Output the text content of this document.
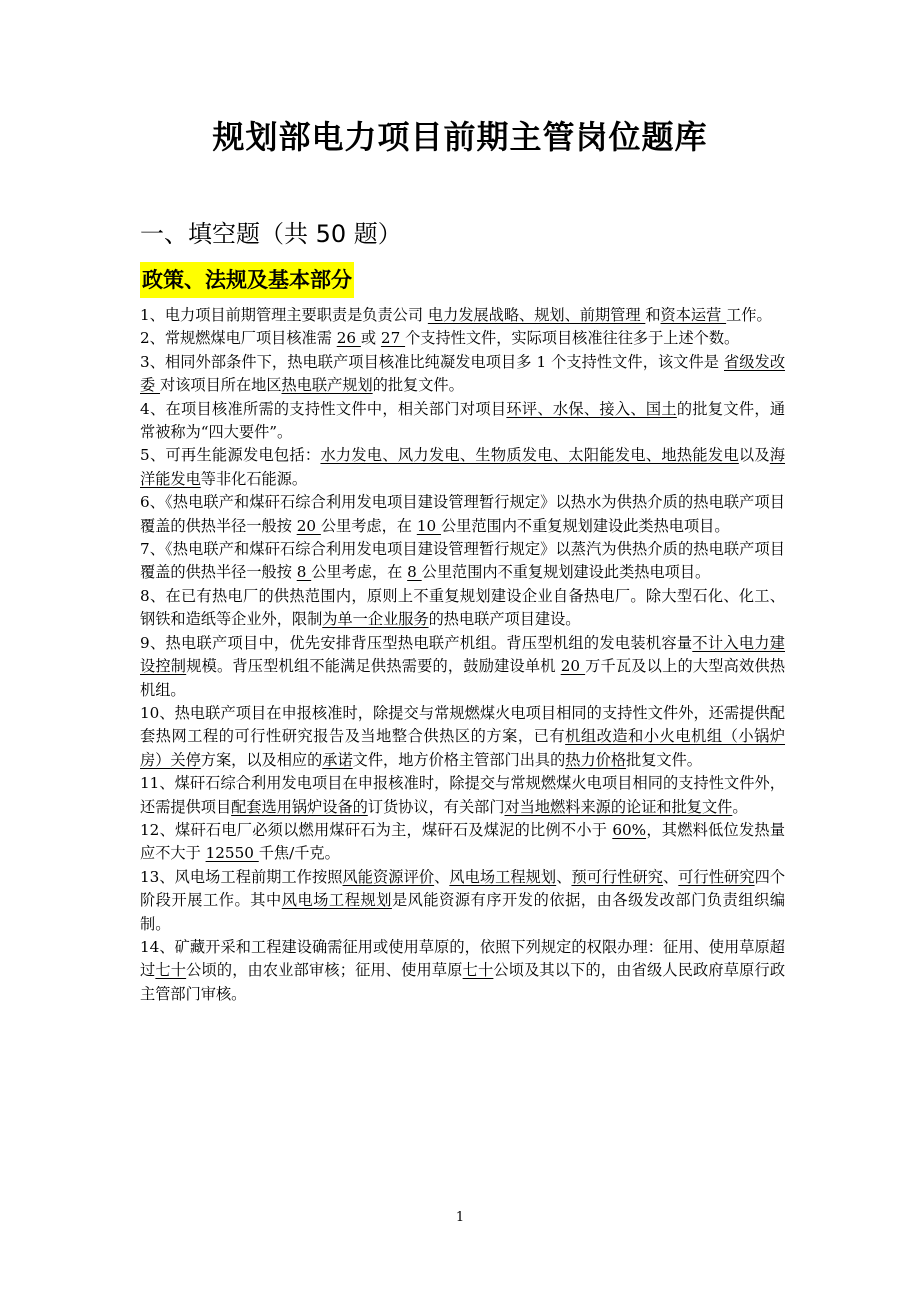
规划部电力项目前期主管岗位题库
一、填空题（共 50 题）
政策、法规及基本部分
1、电力项目前期管理主要职责是负责公司 电力发展战略、规划、前期管理 和资本运营 工作。
2、常规燃煤电厂项目核准需 26 或 27 个支持性文件，实际项目核准往往多于上述个数。
3、相同外部条件下，热电联产项目核准比纯凝发电项目多 1 个支持性文件，该文件是 省级发改委 对该项目所在地区热电联产规划的批复文件。
4、在项目核准所需的支持性文件中，相关部门对项目环评、水保、接入、国土的批复文件，通常被称为“四大要件”。
5、可再生能源发电包括：水力发电、风力发电、生物质发电、太阳能发电、地热能发电以及海洋能发电等非化石能源。
6、《热电联产和煤矸石综合利用发电项目建设管理暂行规定》以热水为供热介质的热电联产项目覆盖的供热半径一般按 20 公里考虑，在 10 公里范围内不重复规划建设此类热电项目。
7、《热电联产和煤矸石综合利用发电项目建设管理暂行规定》以蒸汽为供热介质的热电联产项目覆盖的供热半径一般按 8 公里考虑，在 8 公里范围内不重复规划建设此类热电项目。
8、在已有热电厂的供热范围内，原则上不重复规划建设企业自备热电厂。除大型石化、化工、钢铁和造纸等企业外，限制为单一企业服务的热电联产项目建设。
9、热电联产项目中，优先安排背压型热电联产机组。背压型机组的发电装机容量不计入电力建设控制规模。背压型机组不能满足供热需要的，鼓励建设单机 20 万千瓦及以上的大型高效供热机组。
10、热电联产项目在申报核准时，除提交与常规燃煤火电项目相同的支持性文件外，还需提供配套热网工程的可行性研究报告及当地整合供热区的方案，已有机组改造和小火电机组（小锅炉房）关停方案，以及相应的承诺文件，地方价格主管部门出具的热力价格批复文件。
11、煤矸石综合利用发电项目在申报核准时，除提交与常规燃煤火电项目相同的支持性文件外，还需提供项目配套选用锅炉设备的订货协议，有关部门对当地燃料来源的论证和批复文件。
12、煤矸石电厂必须以燃用煤矸石为主，煤矸石及煤泥的比例不小于 60%，其燃料低位发热量应不大于 12550 千焦/千克。
13、风电场工程前期工作按照风能资源评价、风电场工程规划、预可行性研究、可行性研究四个阶段开展工作。其中风电场工程规划是风能资源有序开发的依据，由各级发改部门负责组织编制。
14、矿藏开采和工程建设确需征用或使用草原的，依照下列规定的权限办理：征用、使用草原超过七十公顷的，由农业部审核；征用、使用草原七十公顷及其以下的，由省级人民政府草原行政主管部门审核。
1
